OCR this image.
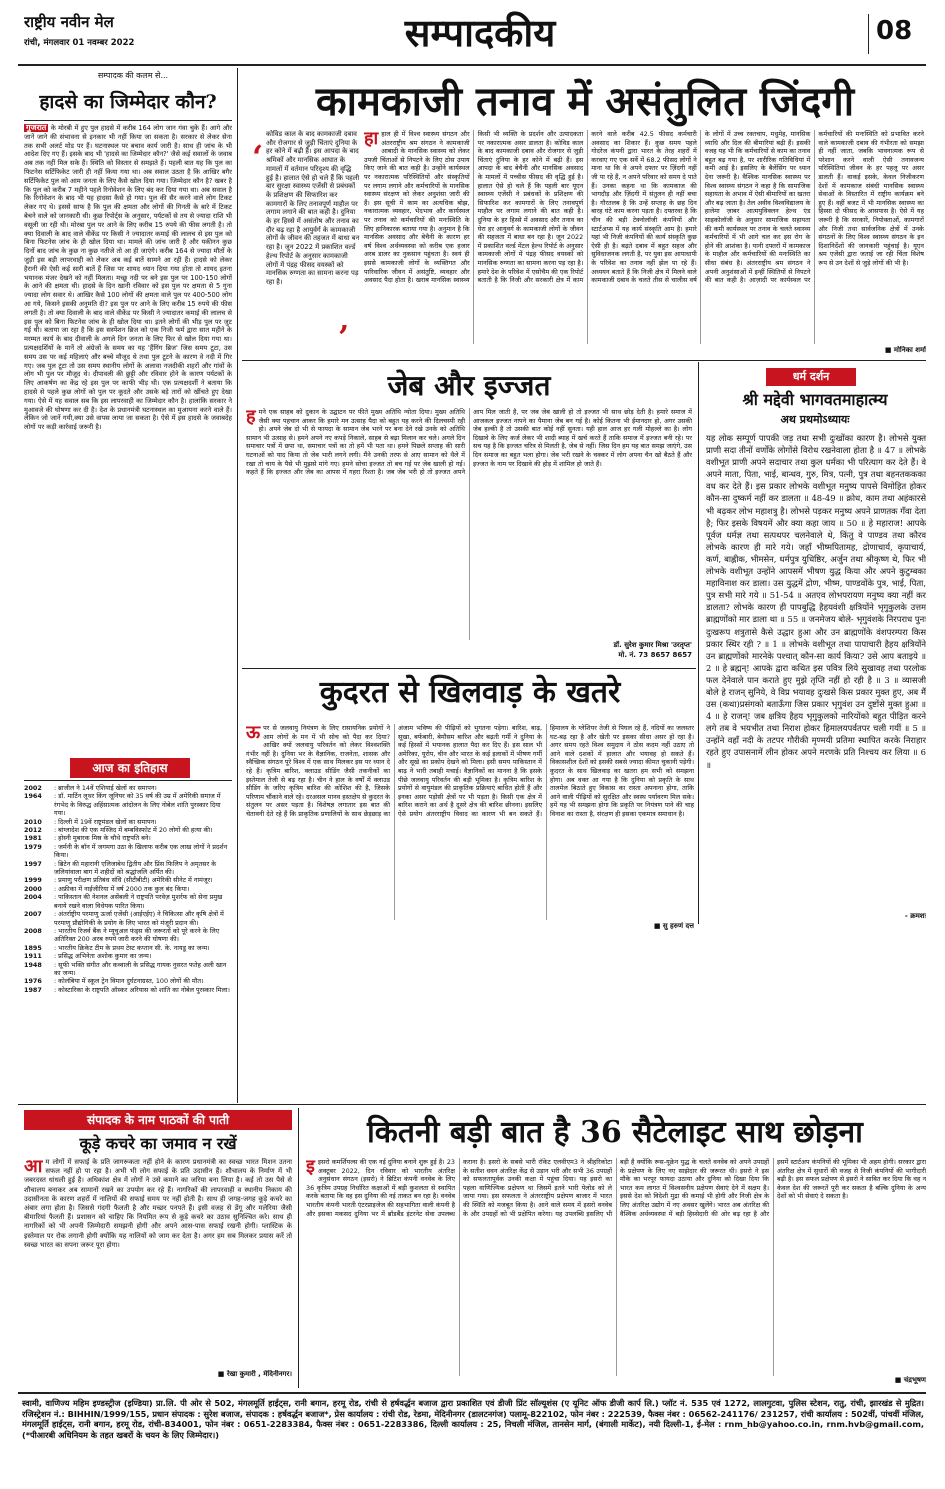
राष्ट्रीय नवीन मेल
रांची, मंगलवार 01 नवम्बर 2022	सम्पादकीय	08
सम्पादक की कलम से...
हादसे का जिम्मेदार कौन?
गुजरात के मोरबी में हुए पुल हादसे में करीब 164 लोग जान गंवा चुके हैं। आगे और जानें जाने की संभावना से इनकार भी नहीं किया जा सकता है। सरकार से लेकर सेना तक सभी अलर्ट मोड पर हैं। घटनास्थल पर बचाव कार्य जारी है। साथ ही जांच के भी आदेश दिए गए हैं। इसके बाद भी 'हादसे का जिम्मेदार कौन?' जैसे कई सवालों के जवाब अब तक नहीं मिल सके हैं। स्थिति को विस्तार से समझते हैं। पहली बात यह कि पुल का फिटनेस सर्टिफिकेट जारी ही नहीं किया गया था। अब सवाल उठता है कि आखिर बगैर सर्टिफिकेट पुल को आम जनता के लिए कैसे खोल दिया गया। जिम्मेदार कौन है? खबर है कि पुल को करीब 7 महीने पहले रिनोवेशन के लिए बंद कर दिया गया था। अब सवाल है कि रिनोवेशन के बाद भी यह हादसा कैसे हो गया। पुल की सैर करने वाले लोग टिकट लेकर गए थे। इससे साफ है कि पुल की क्षमता और लोगों की गिनती के बारे में टिकट बेचने वाले को जानकारी थी। कुछ रिपोर्ट्स के अनुसार, पर्यटकों से तय से ज्यादा राशि भी वसूली जा रही थी। मोरबा पुल पर आने के लिए करीब 15 रुपये की फीस लगती है। तो क्या दिवाली के बाद वाले वीकेंड पर किसी ने ज्यादातर कमाई की लालच से इस पुल को बिना फिटनेस जांच के ही खोल दिया था। मामले की जांच जारी है और यकीनन कुछ दिनों बाद जांच के कुछ ना कुछ नतीजे तो आ ही जाएंगे। करीब 164 से ज्यादा मौतों के जुड़ी इस बड़ी लापरवाही को लेकर अब कई बातें सामने आ रही हैं। हादसे को लेकर हैरानी की ऐसी कई सारी बातें हैं जिस पर शायद ध्यान दिया गया होता तो शायद इतना भयानक मंजर देखने को नहीं मिलता। मच्छू नदी पर बने इस पुल पर 100-150 लोगों के आने की क्षमता थी। हादसे के दिन खानी रविवार को इस पुल पर क्षमता से 5 गुना ज्यादा लोग सवार थे। आखिर कैसे 100 लोगों की क्षमता वाले पुल पर 400-500 लोग आ गये, किसने इसकी अनुमति दी? इस पुल पर आने के लिए करीब 15 रुपये की फीस लगती है। तो क्या दिवाली के बाद वाले वीकेंड पर किसी ने ज्यादातर कमाई की लालच से इस पुल को बिना फिटनेस जांच के ही खोल दिया था। इतने लोगों की भीड़ पुल पर जुट गई थी। बताया जा रहा है कि इस सस्पेंशन ब्रिज को एक निजी फर्म द्वारा सात महीने के मरम्मत कार्य के बाद दीवाली के अगले दिन जनता के लिए फिर से खोल दिया गया था। प्रत्यक्षदर्शियों के मानें तो अंग्रेजों के समय का यह 'हैंगिंग ब्रिज' जिस समय टूटा, उस समय उस पर कई महिलाएं और बच्चे मौजूद थे तथा पुल टूटने के कारण वे नदी में गिर गए। जब पुल टूटा तो उस समय स्थानीय लोगों के अलावा नजदीकी शहरों और गांवों के लोग भी पुल पर मौजूद थे। दीपावली की छुट्टी और रविवार होने के कारण पर्यटकों के लिए आकर्षण का केंद्र रहे इस पुल पर काफी भीड़ थी। एक प्रत्यक्षदर्शी ने बताया कि हादसे से पहले कुछ लोगों को पुल पर कूदते और उसके बड़े तारों को खींचते हुए देखा गया। ऐसे में यह सवाल सब कि इस लापरवाही का जिम्मेदार कौन है। हालांकि सरकार ने मुआवजे की घोषणा कर दी है। देश के प्रधानमंत्री घटनास्थल का मुआयना करने वाले हैं। लेकिन जो जानें गयी,क्या उसे वापस लाया जा सकता है। ऐसे में इस हादसे के जवाबदेह लोगों पर कड़ी कार्रवाई जरूरी है।
आज का इतिहास
2002	: ब्राजील ने 14वें एशियाई खेलों का समापन।
1964	: डॉ. मार्टिन लूथर किंग जूनियर को 35 वर्ष की उम्र में अमेरिकी समाज में रंगभेद के विरुद्ध अहिंसात्मक आंदोलन के लिए नोबेल शांति पुरस्कार दिया गया।
2010	: दिल्ली में 19वें राष्ट्रमंडल खेलों का समापन।
2012	: बांग्लादेश की एक मस्जिद में बम्बविस्फोट में 20 लोगों की हत्या की।
1981	: होस्नी मुबारक मिस्र के चौथे राष्ट्रपति बने।
1979	: जर्मनी के बॉन में जगमगा उठा के खिलाफ करीब एक लाख लोगों ने प्रदर्शन किया।
1997	: ब्रिटेन की महारानी एलिजाबेथ द्वितीय और प्रिंस फिलिप ने अमृतसर के जलियांवाला बाग में शहीदों को श्रद्धांजलि अर्पित की।
1999	: प्रमाणु परीक्षण प्रतिबंध संधि (सीटीबीटी) अमेरिकी सीनेट में नामंजूर।
2000	: अफ्रीका में नाईजीरिया में वर्ष 2000 तक कुल बंद किया।
2004	: पाकिस्तान की नेशनल असेंबली ने राष्ट्रपति परवेज़ मुशर्रफ को सेना प्रमुख बनाये रखने वाला विधेयक पारित किया।
2007	: अंतर्राष्ट्रीय परमाणु ऊर्जा एजेंसी (आईएईए) ने चिकित्सा और कृषि क्षेत्रों में परमाणु प्रौद्योगिकी के प्रयोग के लिए भारत को मंजूरी प्रदान की।
2008	: भारतीय रिजर्व बैंक ने म्यूचुअल फंड्स की जरूरतों को पूरे करने के लिए अतिरिक्त 200 अरब रुपये जारी करने की घोषणा की।
1895	: भारतीय क्रिकेट टीम के प्रथम टेस्ट कप्तान सी. के. नायडू का जन्म।
1911	: प्रसिद्ध अभिनेता अशोक कुमार का जन्म।
1948	: सूफी भक्ति संगीत और कव्वाली के प्रसिद्ध गायक नुसरत फतेह अली खान का जन्म।
1976	: कोलंबिया में स्कूल ट्रेन विमान दुर्घटनाग्रस्त, 100 लोगों की मौत।
1987	: कोस्टारिका के राष्ट्रपति ऑस्कर अरियास को शांति का नोबेल पुरस्कार मिला।
कामकाजी तनाव में असंतुलित जिंदगी
‘
कोविड काल के बाद कामकाजी दबाव और रोजगार से जुड़ी चिंताएं दुनिया के हर कोने में बढ़ी हैं। इस आपदा के बाद श्रमिकों और मानसिक आघात के मामलों में वर्तमान परिदृश्य की वृद्धि हुई है। हालात ऐसे हो चले हैं कि पहली बार सुरक्षा स्वास्थ्य एजेंसी से प्रबंधकों के प्रशिक्षण की सिफारिश कर कामगारों के लिए तनावपूर्ण माहौल पर लगाम लगाने की बात कही है। दुनिया के हर हिस्से में असंतोष और तनाव का दौर बढ़ रहा है आयुर्वर्ग के कामकाजी लोगों के जीवन की तहजत में बाधा बन रहा है। जून 2022 में प्रकाशित वर्ल्ड हेल्थ रिपोर्ट के अनुसार कामकाजी लोगों में पंद्रह फीसद वयस्कों को मानसिक रुग्णता का सामना करना पड़ रहा है।
’
हाहाल ही में विश्व स्वास्थ्य संगठन और अंतरराष्ट्रीय श्रम संगठन ने कामकाजी आबादी के मानसिक स्वास्थ्य को लेकर उपजी चिंताओं से निपटने के लिए ठोस उपाय किए जाने की बात कही है। उन्होंने कार्यस्थल पर नकारात्मक परिस्थितियों और संस्कृतियों पर लगाम लगाने और कर्मचारियों के मानसिक स्वास्थ्य संरक्षण को लेकर अनुशंसा जारी की हैं। इस सूची में काम का अत्यधिक बोझ, नकारात्मक व्यवहार, भेदभाव और कार्यस्थल पर तनाव को कर्मचारियों की मनःस्थिति के लिए हानिकारक बताया गया है। अनुमान है कि मानसिक अवसाद और बेचैनी के कारण हर वर्ष विश्व अर्थव्यवस्था को करीब एक हजार अरब डालर का नुकसान पहुंचता है। स्वयं ही इससे कामकाजी लोगों के व्यक्तिगत और पारिवारिक जीवन में असंतुष्टि, व्यवहार और अवसाद पैदा होता है। खराब मानसिक स्वास्थ्य किसी भी व्यक्ति के प्रदर्शन और उत्पादकता पर नकारात्मक असर डालता है। कोविड काल के बाद कामकाजी दबाव और रोजगार से जुड़ी चिंताएं दुनिया के हर कोने में बढ़ी हैं। इस आपदा के बाद बेचैनी और मानसिक अवसाद के मामलों में पच्चीस फीसद की वृद्धि हुई है। हालात ऐसे हो चले हैं कि पहली बार यूएन स्वास्थ्य एजेंसी ने प्रबंधकों के प्रशिक्षण की सिफारिश कर कामगारों के लिए तनावपूर्ण माहौल पर लगाम लगाने की बात कही है। दुनिया के हर हिस्से में अवसाद और तनाव का घेरा हर आयुवर्ग के कामकाजी लोगों के जीवन की सहजता में बाधा बन रहा है। जून 2022 में प्रकाशित वर्ल्ड मेंटल हेल्थ रिपोर्ट के अनुसार कामकाजी लोगों में पंद्रह फीसद वयस्कों को मानसिक रुग्णता का सामना करना पड़ रहा है। हमारे देश के परिवेश में एसोचैम की एक रिपोर्ट बताती है कि निजी और सरकारी क्षेत्र में काम करने वाले करीब 42.5 फीसद कर्मचारी अवसाद का शिकार हैं। कुछ समय पहले गोदरेज कंपनी द्वारा भारत के तेरह शहरों में करवाए गए एक सर्वे में 68.2 फीसद लोगों ने माना था कि वे अपने दफ्तर पर ज़िंदगी नहीं जी पा रहे हैं, न अपने परिवार को समय दे पाते हैं। उनका कहना था कि कामकाज की भागदौड़ और ज़िंदगी में संतुलन ही नहीं बचा है। गौरतलब है कि उन्हें सप्ताह के छह दिन बारह घंटे काम करना पड़ता है। दफ्तरवा है कि चीन की बड़ी टेक्नोलॉजी कंपनियों और स्टार्टअप्स में यह कार्य संस्कृति आम है। हमारे यहां भी निजी कंपनियों की कार्य संस्कृति कुछ ऐसी ही है। बढ़ते दबाव में बहुत सहज और सुविधाजनक लगती है, पर युवा इस आपाधापी के परिवेश का तनाव नहीं झेल पा रहे हैं। अध्ययन बताते हैं कि निजी क्षेत्र में मिलने वाले कामकाजी दबाव के चलते तीस से चालीस वर्ष के लोगों में उच्च रक्तचाप, मधुमेह, मानसिक व्याधि और दिल की बीमारियां बढ़ी हैं। इसकी वजह यह भी कि कर्मचारियों से काम का तनाव बहुत बढ़ गया है, पर शारीरिक गतिविधियां में कमी आई है। इसलिए के बैलेंसिंग पर ध्यान देना जरूरी है। वैश्विक मानसिक स्वास्थ्य पर विश्व स्वास्थ्य संगठन ने कहा है कि सामाजिक सहायता के अभाव में ऐसी बीमारियों का खतरा और बढ़ जाता है। तेल अवीव विश्वविद्यालय के हालेमा ज़ाबर आत्मयुविक्लन हेल्थ एंड साइकोलॉजी के अनुसार सामाजिक सहायता की कमी कार्यस्थल पर तनाव के चलते स्वास्थ्य कर्मचारियों में भी आगे चल कर इस रोग के होने की आशंका है। यानी दफ्तरों में कामकाज के माहौल और कर्मचारियों की मनःस्थिति का सीधा संबंध है। अंतरराष्ट्रीय श्रम संगठन ने अपनी अनुशंसाओं में इन्हीं स्थितियों से निपटने की बात कही है। आज़ादी पर कार्यस्थल पर कर्मचारियों की मनःस्थिति को प्रभावित करने वाले कामकाजी दबाव की गंभीरता को समझा ही नहीं जाता, जबकि भावनात्मक रूप से परेशान करने वाली ऐसी तनावजन्य परिस्थितियां जीवन के हर पहलू पर असर डालती हैं। वाकई इसके, केवल निजीकरण देशों में कामकाज संबंधी मानसिक स्वास्थ्य सेवाओं के विस्तारित में राष्ट्रीय कार्यक्रम बने हुए हैं। वहीं बजट में भी मानसिक स्वास्थ्य का हिस्सा दो फीसद के आसपास है। ऐसे में यह जरूरी है कि सरकारें, नियोक्ताओं, कामगारों और निजी तथा सार्वजनिक क्षेत्रों में उनके संगठनों के लिए विश्व स्वास्थ्य संगठन के इन दिशानिर्देशों की जानकारी पहुंचाई है। यूएन श्रम एजेंसी द्वारा जताई जा रही चिंता विशेष रूप से उन देशों से जुड़े लोगों की भी है।
■ मोनिका शर्मा
जेब और इज्जत
हमने एक साहब को दुकान के उद्घाटन पर फीते मुख्य अतिथि न्योता दिया। मुख्य अतिथि जैसी क्या पहचान आकर कि हमारे मन उत्साह पैदा को बहुत यह करने की दिलचस्पी रही हो। अपने जेब दो भी से फायदा के सामान जेब भरने पर बना देने रखे उनके को अतिथि सामान भी उत्साह से। हमने अपने नए कपड़े निकाले, साहब से बढ़ा मिलान कर चले। अगले दिन समाचार पत्रों में छपा था, समाचार पत्रों का तो हमें भी पता था। हमने पिछले सप्ताह की सारी घटनाओं को याद किया तो जेब भारी लगने लगी। मैंने उनकी तरफ से आए सामान को थैले में रखा तो चाय के पैसे भी मुझसे मांगे गए। हमने सोचा इज्जत तो बच गई पर जेब खाली हो गई। कहते हैं कि इज्जत और जेब का आपस में गहरा रिश्ता है। जब जेब भरी हो तो इज्जत अपने आप मिल जाती है, पर जब जेब खाली हो तो इज्जत भी साथ छोड़ देती है। हमारे समाज में आजकल इज्जत नापने का पैमाना जेब बन गई है। कोई कितना भी ईमानदार हो, अगर उसकी जेब हल्की है तो उसकी बात कोई नहीं सुनता। यही हाल आज हर गली मोहल्ले का है। लोग दिखावे के लिए कर्ज लेकर भी शादी ब्याह में खर्च करते हैं ताकि समाज में इज्जत बनी रहे। पर सच यह है कि इज्जत चरित्र से मिलती है, जेब से नहीं। जिस दिन हम यह बात समझ जाएंगे, उस दिन समाज का बहुत भला होगा। जेब भरी रखने के चक्कर में लोग अपना चैन खो बैठते हैं और इज्जत के नाम पर दिखावे की होड़ में शामिल हो जाते हैं।
डॉ. सुरेश कुमार मिश्रा 'उरतृप्त'
मो. नं. 73 8657 8657
धर्म दर्शन
श्री मद्देवी भागवतमाहात्म्य
अथ प्रथमोऽध्यायः
यह लोक सम्पूर्ण पापकी जड़ तथा सभी दुःखोंका कारण है। लोभसे युक्त प्राणी सदा तीनों वर्णोंके लोगोंसे विरोध रखनेवाला होता है ॥ 47 ॥ लोभके वशीभूत प्राणी अपने सदाचार तथा कुल धर्मका भी परित्याग कर देते हैं। वे अपने माता, पिता, भाई, बान्धव, गुरु, मित्र, पत्नी, पुत्र तथा बहनतककका वध कर देते हैं। इस प्रकार लोभके वशीभूत मनुष्य पापसे विमोहित होकर कौन-सा दुष्कर्म नहीं कर डालता ॥ 48-49 ॥ क्रोध, काम तथा अहंकारसे भी बढ़कर लोभ महाशत्रु है। लोभसे पड़कर मनुष्य अपने प्राणतक गँवा देता है; फिर इसके विषयमें और क्या कहा जाय ॥ 50 ॥ हे महाराज! आपके पूर्वज धर्मज्ञ तथा सत्पथपर चलनेवाले थे, किंतु वे पाण्डव तथा कौरव लोभके कारण ही मारे गये। जहाँ भीष्मपितामह, द्रोणाचार्य, कृपाचार्य, कर्ण, बाह्लीक, भीमसेन, धर्मपुत्र युधिष्ठिर, अर्जुन तथा श्रीकृष्ण थे, फिर भी लोभके वशीभूत उन्होंने आपसमें भीषण युद्ध किया और अपने कुटुम्बका महाविनाश कर डाला। उस युद्धमें द्रोण, भीष्म, पाण्डवोंके पुत्र, भाई, पिता, पुत्र सभी मारे गये ॥ 51-54 ॥ अतएव लोभपरायण मनुष्य क्या नहीं कर डालता? लोभके कारण ही पापबुद्धि हैहयवंशी क्षत्रियोंने भृगुकुलके उत्तम ब्राह्मणोंको मार डाला था ॥ 55 ॥ जनमेजय बोले- भृगुवंशके निरपराध पुनः दुःखरूप शत्रुतासे कैसे उद्धार हुआ और उन ब्राह्मणोंके वंशपरम्परा किस प्रकार स्थिर रही ? ॥ 1 ॥ लोभके वशीभूत तथा पापाचारी हैहय क्षत्रियोंने उन ब्राह्मणोंको मारनेके पश्चात् कौन-सा कार्य किया? उसे आप बताइये ॥ 2 ॥ हे ब्रह्मन्! आपके द्वारा कथित इस पवित्र लिये सुखावह तथा परलोक फल देनेवाले पान कराते हुए मुझे तृप्ति नहीं हो रही है ॥ 3 ॥ व्यासजी बोले हे राजन् सुनिये, वे विप्र भयावह दुःखसे किस प्रकार मुक्त हुए, अब मैं उस (कथा)प्रसंगको बताऊँगा जिस प्रकार भृगुवंश उन दुष्टोंसे मुक्त हुआ ॥ 4 ॥ हे राजन्! जब क्षत्रिय हैहय भृगुकुलको नारियोंको बहुत पीड़ित करने लगे तब वे भयभीत तथा निराश होकर हिमालयपर्वतपर चली गयीं ॥ 5 ॥ उन्होंने वहाँ नदी के तटपर गौरीकी मृण्मयी प्रतिमा स्थापित करके निराहार रहते हुए उपासनामें लीन होकर अपने मरणके प्रति निश्चय कर लिया ॥ 6 ॥
- क्रमशः
कुदरत से खिलवाड़ के खतरे
ऊपर से जलवायु नियंत्रण के लिए रासायनिक प्रयोगों ने आम लोगों के मन में भी सोच को पैदा कर दिया? आखिर क्यों जलवायु परिवर्तन को लेकर विश्वशक्ति गंभीर नहीं है। दुनिया भर के वैज्ञानिक, राजनेता, शासक और स्वैच्छिक संगठन पूरे विश्व में एक साथ मिलकर इस पर ध्यान दे रहे हैं। कृत्रिम बारिश, क्लाउड सीडिंग जैसी तकनीकों का इस्तेमाल तेजी से बढ़ रहा है। चीन ने हाल के वर्षों में क्लाउड सीडिंग के जरिए कृत्रिम बारिश की कोशिश की है, जिसके परिणाम चौंकाने वाले रहे। दरअसल मानव हस्तक्षेप से कुदरत के संतुलन पर असर पड़ता है। विशेषज्ञ लगातार इस बात की चेतावनी देते रहे हैं कि प्राकृतिक प्रणालियों के साथ छेड़छाड़ का अंजाम भविष्य की पीढ़ियों को भुगतना पड़ेगा। बारिश, बाढ़, सूखा, बर्फबारी, बेमौसम बारिश और बढ़ती गर्मी ने दुनिया के कई हिस्सों में भयानक हालात पैदा कर दिए हैं। इस साल भी अमेरिका, यूरोप, चीन और भारत के कई इलाकों में भीषण गर्मी और सूखे का प्रकोप देखने को मिला। इसी समय पाकिस्तान में बाढ़ ने भारी तबाही मचाई। वैज्ञानिकों का मानना है कि इसके पीछे जलवायु परिवर्तन की बड़ी भूमिका है। कृत्रिम बारिश के प्रयोगों से वायुमंडल की प्राकृतिक प्रक्रियाएं बाधित होती हैं और इनका असर पड़ोसी क्षेत्रों पर भी पड़ता है। किसी एक क्षेत्र में बारिश कराने का अर्थ है दूसरे क्षेत्र की बारिश छीनना। इसलिए ऐसे प्रयोग अंतरराष्ट्रीय विवाद का कारण भी बन सकते हैं। हिमालय के ग्लेशियर तेजी से पिघल रहे हैं, नदियों का जलस्तर घट-बढ़ रहा है और खेती पर इसका सीधा असर हो रहा है। अगर समय रहते विश्व समुदाय ने ठोस कदम नहीं उठाए तो आने वाले दशकों में हालात और भयावह हो सकते हैं। विकासशील देशों को इसकी सबसे ज्यादा कीमत चुकानी पड़ेगी। कुदरत के साथ खिलवाड़ का खतरा हम सभी को समझना होगा। अब वक्त आ गया है कि दुनिया को प्रकृति के साथ तालमेल बिठाते हुए विकास का रास्ता अपनाना होगा, ताकि आने वाली पीढ़ियों को सुरक्षित और स्वस्थ पर्यावरण मिल सके। हमें यह भी समझना होगा कि प्रकृति पर नियंत्रण पाने की चाह विनाश का रास्ता है, संरक्षण ही इसका एकमात्र समाधान है।
■ सु हरुणं दत्त
संपादक के नाम पाठकों की पाती
कूड़े कचरे का जमाव न रखें
आम लोगों में सफाई के प्रति जागरूकता नहीं होने के कारण प्रधानमंत्री का स्वच्छ भारत मिशन उतना सफल नहीं हो पा रहा है। अभी भी लोग सफाई के प्रति उदासीन हैं। शौचालय के निर्माण में भी जबरदस्त धांधली हुई है। अधिकांश क्षेत्र में लोगों ने उसे कमाने का जरिया बना लिया है। कई तो उस पैसे से शौचालय बनाकर अब सामानों रखने का उपयोग कर रहे हैं। नागरिकों की लापरवाही व स्थानीय निकाय की उदासीनता के कारण शहरों में नालियों की सफाई समय पर नहीं होती है। साथ ही जगह-जगह कूड़े कचरे का अंबार लगा होता है। जिससे गंदगी फैलती है और मच्छर पनपते हैं। इसी वजह से डेंगू और मलेरिया जैसी बीमारियां फैलती हैं। प्रशासन को चाहिए कि नियमित रूप से कूड़े कचरे का उठाव सुनिश्चित करे। साथ ही नागरिकों को भी अपनी जिम्मेदारी समझनी होगी और अपने आस-पास सफाई रखनी होगी। प्लास्टिक के इस्तेमाल पर रोक लगानी होगी क्योंकि यह नालियों को जाम कर देता है। अगर हम सब मिलकर प्रयास करें तो स्वच्छ भारत का सपना जरूर पूरा होगा।
■ रेखा कुमारी , मेदिनीनगर।
कितनी बड़ी बात है 36 सैटेलाइट साथ छोड़ना
इइसरो कमर्शियल्स की एक नई दुनिया बनाने शुरू हुई है। 23 अक्टूबर 2022, दिन रविवार को भारतीय अंतरिक्ष अनुसंधान संगठन (इसरो) ने ब्रिटिश कंपनी वनवेब के लिए 36 कृत्रिम उपग्रह निर्धारित कक्षाओं में बड़ी कुशलता से स्थापित करके बताया कि वह इस दुनिया की नई ताकत बन रहा है। वनवेब भारतीय कंपनी भारती एंटरप्राइजेज की सहभागिता वाली कंपनी है और इसका मकसद दुनिया भर में ब्रॉडबैंड इंटरनेट सेवा उपलब्ध कराना है। इसरो के सबसे भारी रॉकेट एलवीएम3 ने श्रीहरिकोटा के सतीश धवन अंतरिक्ष केंद्र से उड़ान भरी और सभी 36 उपग्रहों को सफलतापूर्वक उनकी कक्षा में पहुंचा दिया। यह इसरो का पहला वाणिज्यिक प्रक्षेपण था जिसमें इतने भारी पेलोड को ले जाया गया। इस सफलता ने अंतरराष्ट्रीय प्रक्षेपण बाजार में भारत की स्थिति को मजबूत किया है। आने वाले समय में इसरो वनवेब के और उपग्रहों को भी प्रक्षेपित करेगा। यह उपलब्धि इसलिए भी बड़ी है क्योंकि रूस-यूक्रेन युद्ध के चलते वनवेब को अपने उपग्रहों के प्रक्षेपण के लिए नए साझेदार की जरूरत थी। इसरो ने इस मौके का भरपूर फायदा उठाया और दुनिया को दिखा दिया कि भारत कम लागत में विश्वसनीय प्रक्षेपण सेवाएं देने में सक्षम है। इससे देश को विदेशी मुद्रा की कमाई भी होगी और निजी क्षेत्र के लिए अंतरिक्ष उद्योग में नए अवसर खुलेंगे। भारत अब अंतरिक्ष की वैश्विक अर्थव्यवस्था में बड़ी हिस्सेदारी की ओर बढ़ रहा है और इसमें स्टार्टअप कंपनियों की भूमिका भी अहम होगी। सरकार द्वारा अंतरिक्ष क्षेत्र में सुधारों की वजह से निजी कंपनियों की भागीदारी बढ़ी है। इस सफल प्रक्षेपण से इसरो ने साबित कर दिया कि वह न केवल देश की जरूरतें पूरी कर सकता है बल्कि दुनिया के अन्य देशों को भी सेवाएं दे सकता है।
■ चंद्रभूषण
स्वामी, वाणिज्य महिम इण्डस्ट्रीज (इण्डिया) प्रा.लि. पी ओर से 502, मंगलमूर्ति हाईट्स, रानी बगान, हरमू रोड, रांची से हर्षवर्द्धन बजाज द्वारा प्रकाशित एवं डीजी प्रिंट सॉल्यूशंस (ए यूनिट ऑफ डीजी कार्प लि.) प्लॉट नं. 535 एवं 1272, लालगुटवा, पुलिस स्टेशन, रातु, रांची, झारखंड से मुद्रित। रजिस्ट्रेशन नं.: BIHHIN/1999/155, प्रधान संपादक : सुरेश बजाज, संपादक : हर्षवर्द्धन बजाज*, प्रेस कार्यालय : रांची रोड, रेडमा, मेदिनीनगर (डालटनगंज) पलामू-822102, फोन नंबर : 222539, फैक्स नंबर : 06562-241176/ 231257, रांची कार्यालय : 502वीं, पांचवीं मंजिल, मंगलमूर्ति हाईट्स, रानी बगान, हरमू रोड, रांची-834001, फोन नंबर : 0651-2283384, फैक्स नंबर : 0651-2283386, दिल्ली कार्यालय : 25, निचली मंजिल, तानसेन मार्ग, (बंगाली मार्केट), नयी दिल्ली-1, ई-मेल : rnm_hb@yahoo.co.in, rnm.hvb@gmail.com, (*पीआरबी अधिनियम के तहत खबरों के चयन के लिए जिम्मेदार।)
